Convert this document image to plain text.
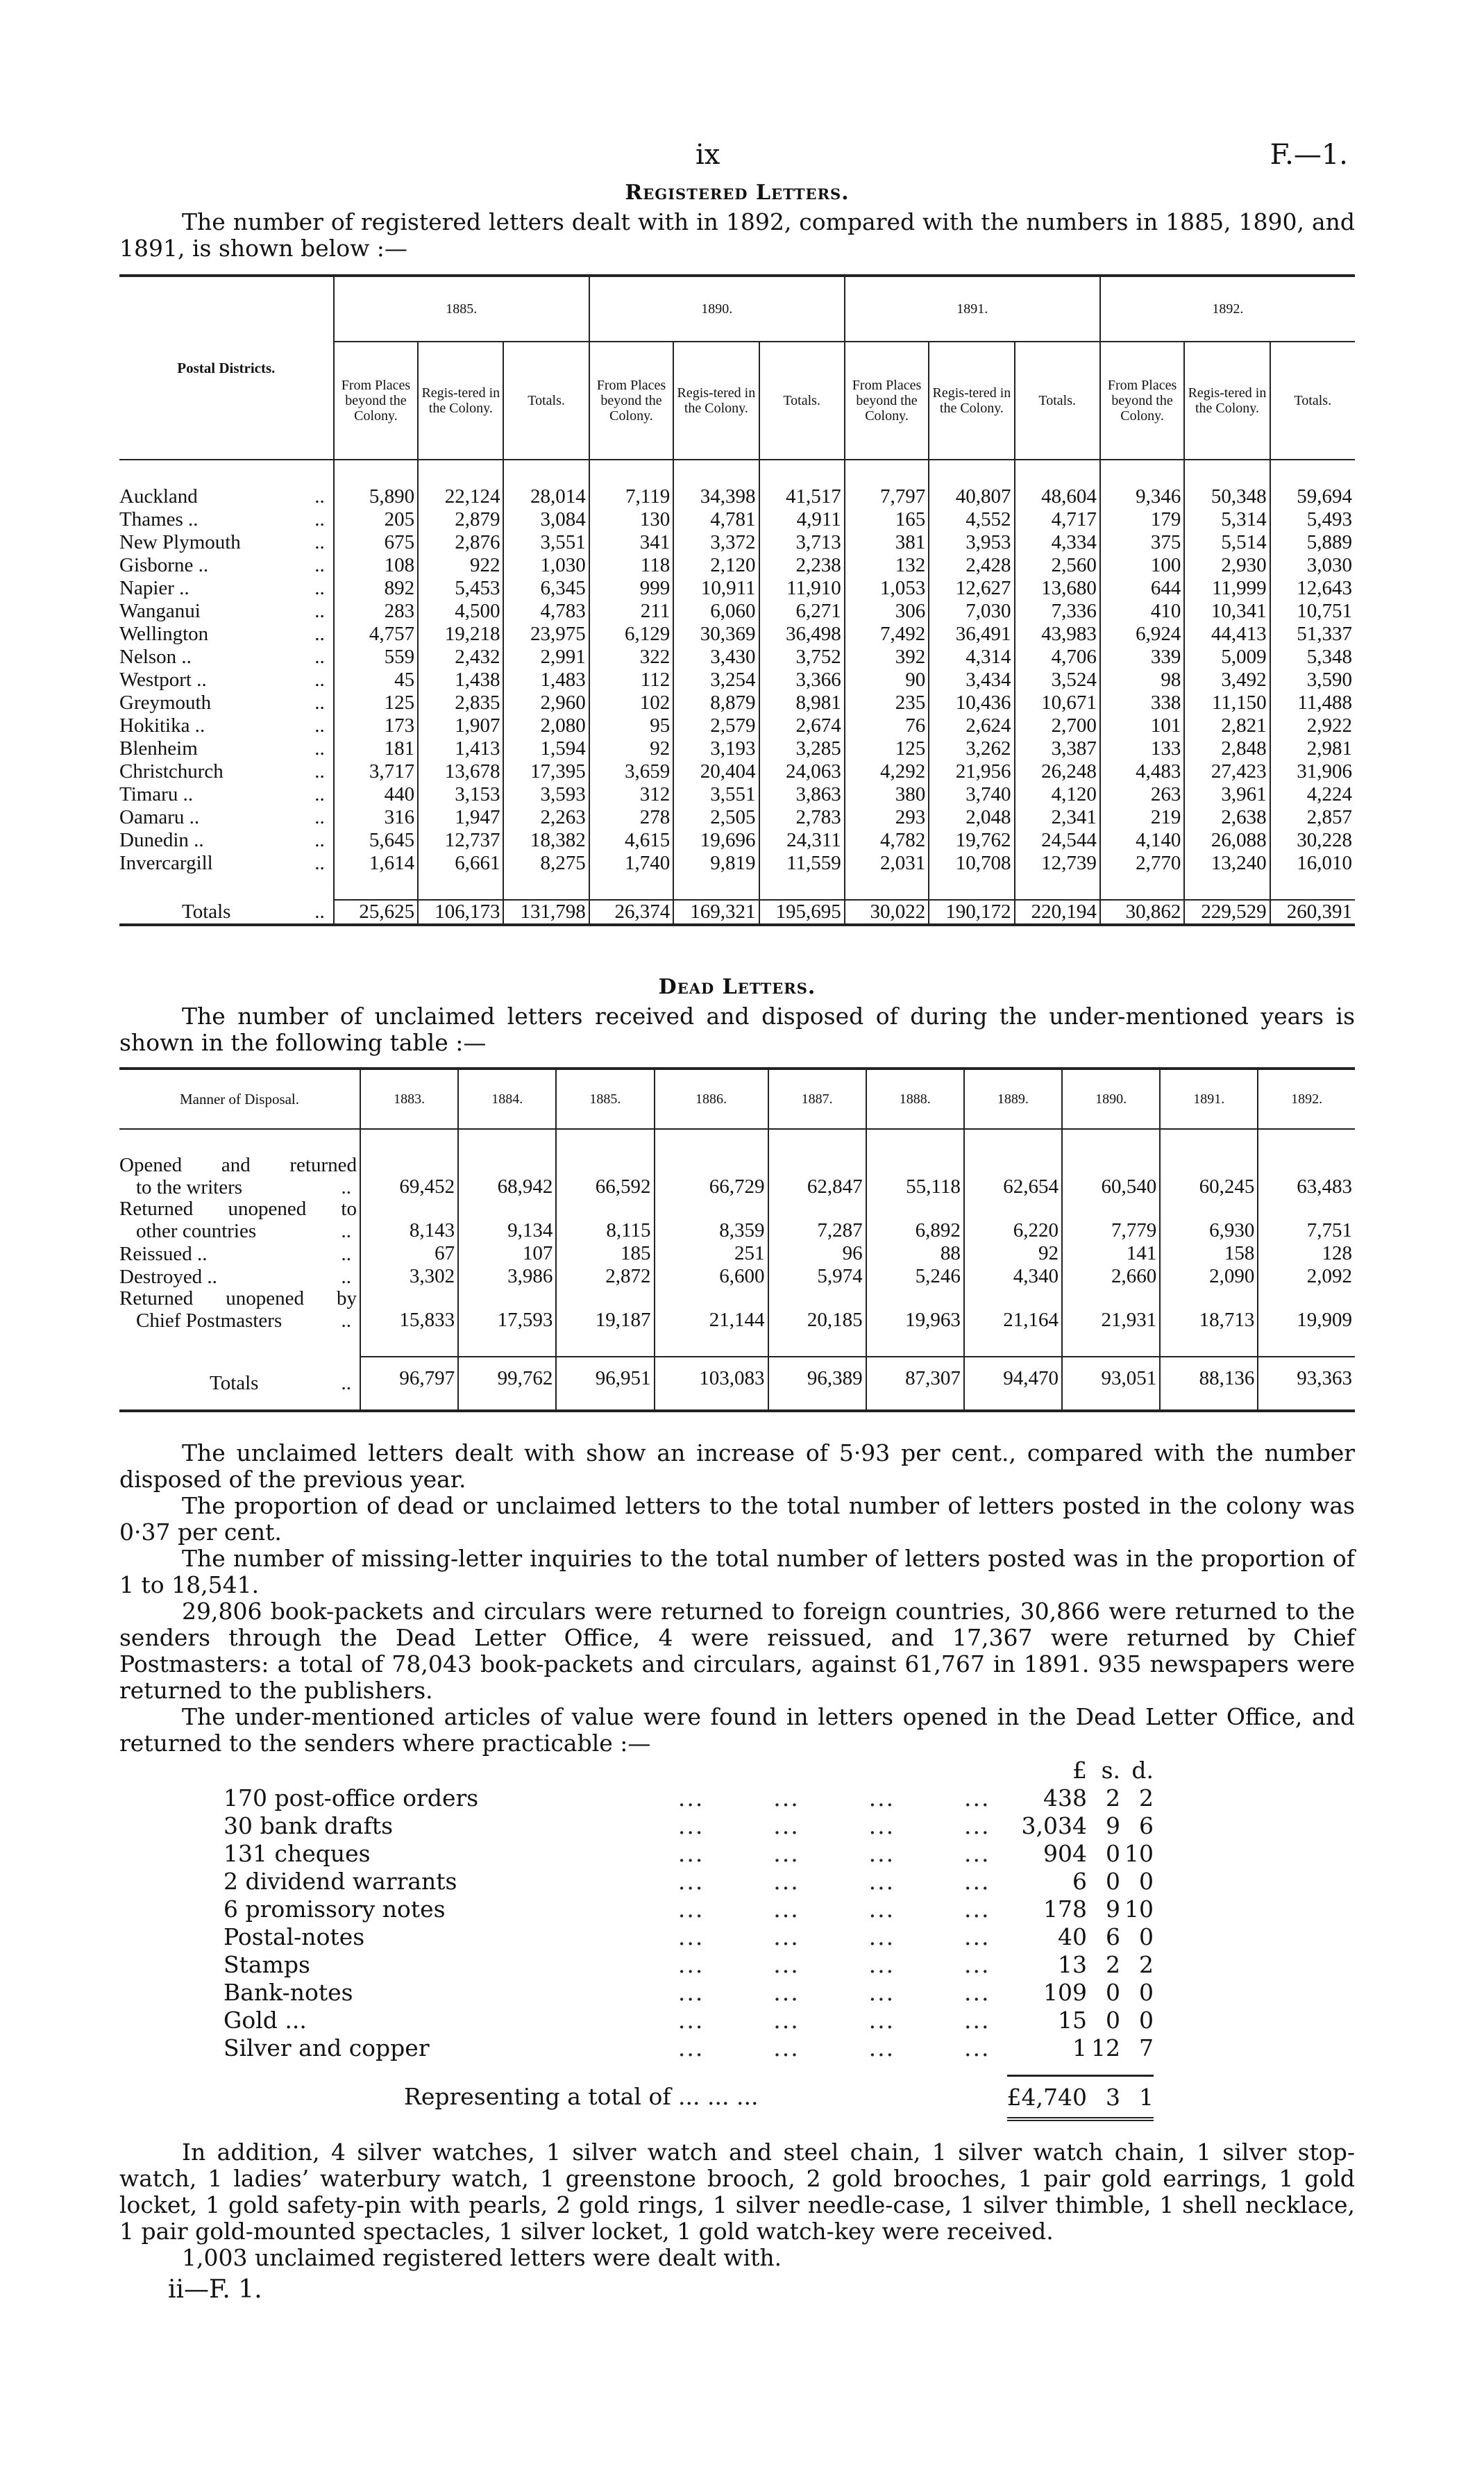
ix	F.—1.
Registered Letters.

The number of registered letters dealt with in 1892, compared with the numbers in 1885, 1890, and 1891, is shown below :—

Postal Districts.	1885.			1890.			1891.			1892.		
	From Places beyond the Colony.	Regis-tered in the Colony.	Totals.	From Places beyond the Colony.	Regis-tered in the Colony.	Totals.	From Places beyond the Colony.	Regis-tered in the Colony.	Totals.	From Places beyond the Colony.	Regis-tered in the Colony.	Totals.

Auckland ..	5,890	22,124	28,014	7,119	34,398	41,517	7,797	40,807	48,604	9,346	50,348	59,694
Thames .. ..	205	2,879	3,084	130	4,781	4,911	165	4,552	4,717	179	5,314	5,493
New Plymouth ..	675	2,876	3,551	341	3,372	3,713	381	3,953	4,334	375	5,514	5,889
Gisborne .. ..	108	922	1,030	118	2,120	2,238	132	2,428	2,560	100	2,930	3,030
Napier .. ..	892	5,453	6,345	999	10,911	11,910	1,053	12,627	13,680	644	11,999	12,643
Wanganui ..	283	4,500	4,783	211	6,060	6,271	306	7,030	7,336	410	10,341	10,751
Wellington ..	4,757	19,218	23,975	6,129	30,369	36,498	7,492	36,491	43,983	6,924	44,413	51,337
Nelson .. ..	559	2,432	2,991	322	3,430	3,752	392	4,314	4,706	339	5,009	5,348
Westport .. ..	45	1,438	1,483	112	3,254	3,366	90	3,434	3,524	98	3,492	3,590
Greymouth ..	125	2,835	2,960	102	8,879	8,981	235	10,436	10,671	338	11,150	11,488
Hokitika .. ..	173	1,907	2,080	95	2,579	2,674	76	2,624	2,700	101	2,821	2,922
Blenheim ..	181	1,413	1,594	92	3,193	3,285	125	3,262	3,387	133	2,848	2,981
Christchurch ..	3,717	13,678	17,395	3,659	20,404	24,063	4,292	21,956	26,248	4,483	27,423	31,906
Timaru .. ..	440	3,153	3,593	312	3,551	3,863	380	3,740	4,120	263	3,961	4,224
Oamaru .. ..	316	1,947	2,263	278	2,505	2,783	293	2,048	2,341	219	2,638	2,857
Dunedin .. ..	5,645	12,737	18,382	4,615	19,696	24,311	4,782	19,762	24,544	4,140	26,088	30,228
Invercargill ..	1,614	6,661	8,275	1,740	9,819	11,559	2,031	10,708	12,739	2,770	13,240	16,010

Totals ..	25,625	106,173	131,798	26,374	169,321	195,695	30,022	190,172	220,194	30,862	229,529	260,391
Dead Letters.

The number of unclaimed letters received and disposed of during the under-mentioned years is shown in the following table :—

Manner of Disposal.	1883.	1884.	1885.	1886.	1887.	1888.	1889.	1890.	1891.	1892.

Opened and returned										
to the writers ..	69,452	68,942	66,592	66,729	62,847	55,118	62,654	60,540	60,245	63,483
Returned unopened to										
other countries ..	8,143	9,134	8,115	8,359	7,287	6,892	6,220	7,779	6,930	7,751
Reissued .. ..	67	107	185	251	96	88	92	141	158	128
Destroyed .. ..	3,302	3,986	2,872	6,600	5,974	5,246	4,340	2,660	2,090	2,092
Returned unopened by										
Chief Postmasters ..	15,833	17,593	19,187	21,144	20,185	19,963	21,164	21,931	18,713	19,909

Totals ..	96,797	99,762	96,951	103,083	96,389	87,307	94,470	93,051	88,136	93,363

The unclaimed letters dealt with show an increase of 5·93 per cent., compared with the number disposed of the previous year.

The proportion of dead or unclaimed letters to the total number of letters posted in the colony was 0·37 per cent.

The number of missing-letter inquiries to the total number of letters posted was in the proportion of 1 to 18,541.

29,806 book-packets and circulars were returned to foreign countries, 30,866 were returned to the senders through the Dead Letter Office, 4 were reissued, and 17,367 were returned by Chief Postmasters: a total of 78,043 book-packets and circulars, against 61,767 in 1891. 935 newspapers were returned to the publishers.

The under-mentioned articles of value were found in letters opened in the Dead Letter Office, and returned to the senders where practicable :—

		£	s.	d.
170 post-office orders	...        ...        ...        ...	438	2	2
30 bank drafts	...        ...        ...        ...	3,034	9	6
131 cheques	...        ...        ...        ...	904	0	10
2 dividend warrants	...        ...        ...        ...	6	0	0
6 promissory notes	...        ...        ...        ...	178	9	10
Postal-notes	...        ...        ...        ...	40	6	0
Stamps	...        ...        ...        ...	13	2	2
Bank-notes	...        ...        ...        ...	109	0	0
Gold ...	...        ...        ...        ...	15	0	0
Silver and copper	...        ...        ...        ...	1	12	7

Representing a total of ... ... ...		£4,740	3	1

In addition, 4 silver watches, 1 silver watch and steel chain, 1 silver watch chain, 1 silver stop-watch, 1 ladies’ waterbury watch, 1 greenstone brooch, 2 gold brooches, 1 pair gold earrings, 1 gold locket, 1 gold safety-pin with pearls, 2 gold rings, 1 silver needle-case, 1 silver thimble, 1 shell necklace, 1 pair gold-mounted spectacles, 1 silver locket, 1 gold watch-key were received.

1,003 unclaimed registered letters were dealt with.

ii—F. 1.
